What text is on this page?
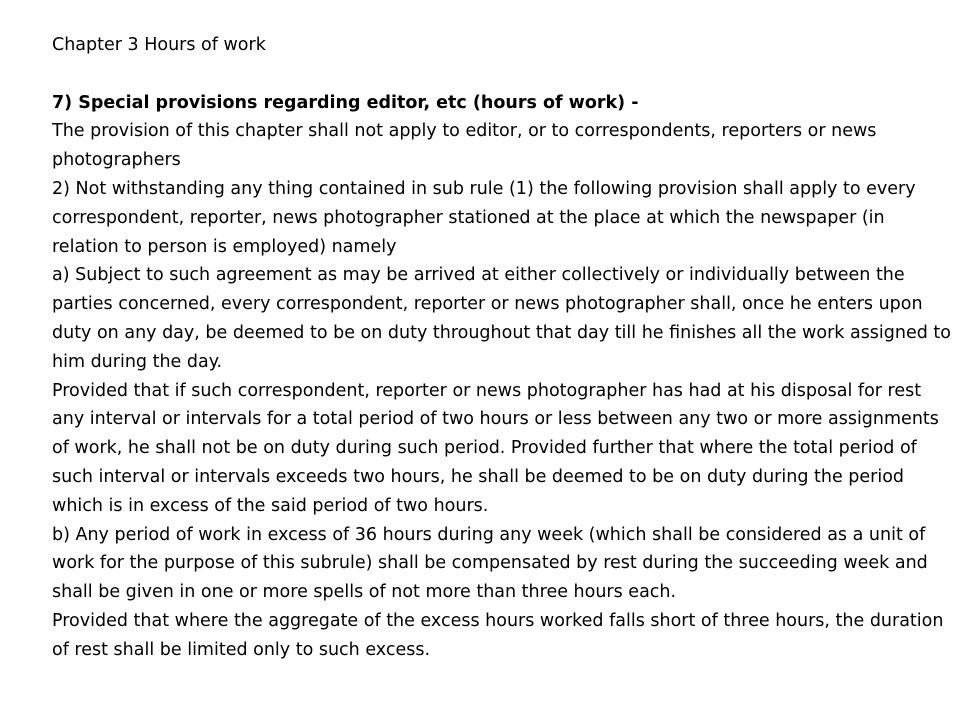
Chapter 3 Hours of work

7) Special provisions regarding editor, etc (hours of work) -

The provision of this chapter shall not apply to editor, or to correspondents, reporters or news photographers

2) Not withstanding any thing contained in sub rule (1) the following provision shall apply to every correspondent, reporter, news photographer stationed at the place at which the newspaper (in relation to person is employed) namely

a) Subject to such agreement as may be arrived at either collectively or individually between the parties concerned, every correspondent, reporter or news photographer shall, once he enters upon duty on any day, be deemed to be on duty throughout that day till he finishes all the work assigned to him during the day.

Provided that if such correspondent, reporter or news photographer has had at his disposal for rest any interval or intervals for a total period of two hours or less between any two or more assignments of work, he shall not be on duty during such period. Provided further that where the total period of such interval or intervals exceeds two hours, he shall be deemed to be on duty during the period which is in excess of the said period of two hours.

b) Any period of work in excess of 36 hours during any week (which shall be considered as a unit of work for the purpose of this subrule) shall be compensated by rest during the succeeding week and shall be given in one or more spells of not more than three hours each.

Provided that where the aggregate of the excess hours worked falls short of three hours, the duration of rest shall be limited only to such excess.
